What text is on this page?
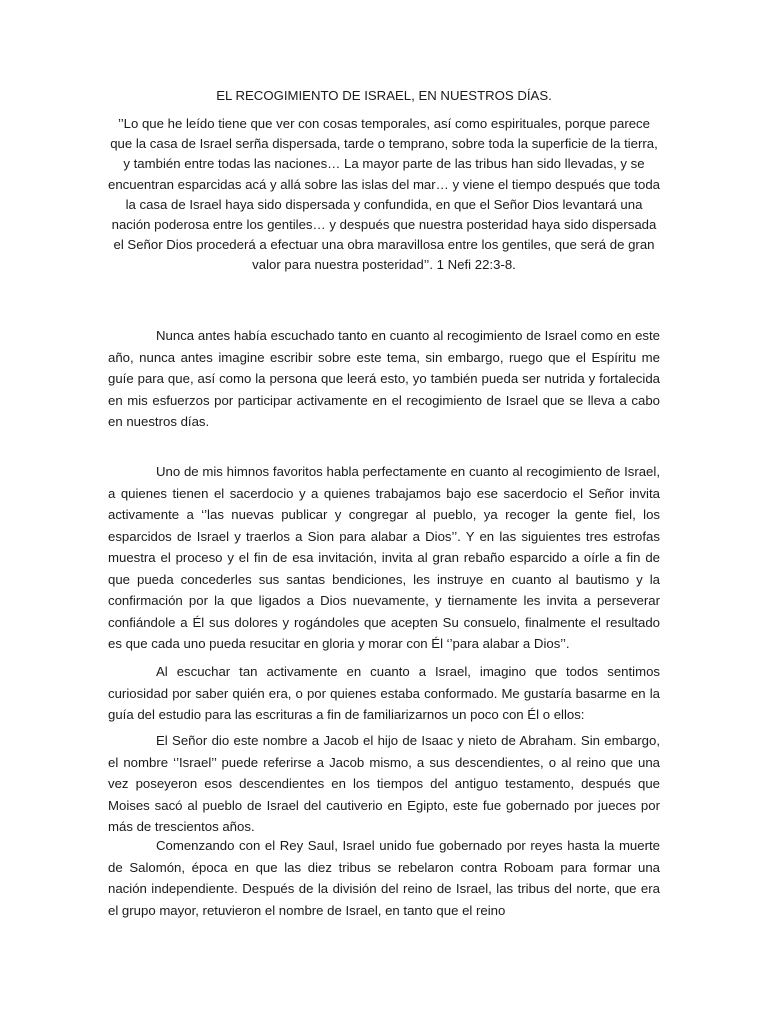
EL RECOGIMIENTO DE ISRAEL, EN NUESTROS DÍAS.

’’Lo que he leído tiene que ver con cosas temporales, así como espirituales, porque parece que la casa de Israel serña dispersada, tarde o temprano, sobre toda la superficie de la tierra, y también entre todas las naciones… La mayor parte de las tribus han sido llevadas, y se encuentran esparcidas acá y allá sobre las islas del mar… y viene el tiempo después que toda la casa de Israel haya sido dispersada y confundida, en que el Señor Dios levantará una nación poderosa entre los gentiles… y después que nuestra posteridad haya sido dispersada el Señor Dios procederá a efectuar una obra maravillosa entre los gentiles, que será de gran valor para nuestra posteridad’’. 1 Nefi 22:3-8.

Nunca antes había escuchado tanto en cuanto al recogimiento de Israel como en este año, nunca antes imagine escribir sobre este tema, sin embargo, ruego que el Espíritu me guíe para que, así como la persona que leerá esto, yo también pueda ser nutrida y fortalecida en mis esfuerzos por participar activamente en el recogimiento de Israel que se lleva a cabo en nuestros días.

Uno de mis himnos favoritos habla perfectamente en cuanto al recogimiento de Israel, a quienes tienen el sacerdocio y a quienes trabajamos bajo ese sacerdocio el Señor invita activamente a ‘’las nuevas publicar y congregar al pueblo, ya recoger la gente fiel, los esparcidos de Israel y traerlos a Sion para alabar a Dios’’. Y en las siguientes tres estrofas muestra el proceso y el fin de esa invitación, invita al gran rebaño esparcido a oírle a fin de que pueda concederles sus santas bendiciones, les instruye en cuanto al bautismo y la confirmación por la que ligados a Dios nuevamente, y tiernamente les invita a perseverar confiándole a Él sus dolores y rogándoles que acepten Su consuelo, finalmente el resultado es que cada uno pueda resucitar en gloria y morar con Él ‘’para alabar a Dios’’.

Al escuchar tan activamente en cuanto a Israel, imagino que todos sentimos curiosidad por saber quién era, o por quienes estaba conformado. Me gustaría basarme en la guía del estudio para las escrituras a fin de familiarizarnos un poco con Él o ellos:

El Señor dio este nombre a Jacob el hijo de Isaac y nieto de Abraham. Sin embargo, el nombre ‘’Israel’’ puede referirse a Jacob mismo, a sus descendientes, o al reino que una vez poseyeron esos descendientes en los tiempos del antiguo testamento, después que Moises sacó al pueblo de Israel del cautiverio en Egipto, este fue gobernado por jueces por más de trescientos años.

Comenzando con el Rey Saul, Israel unido fue gobernado por reyes hasta la muerte de Salomón, época en que las diez tribus se rebelaron contra Roboam para formar una nación independiente. Después de la división del reino de Israel, las tribus del norte, que era el grupo mayor, retuvieron el nombre de Israel, en tanto que el reino
